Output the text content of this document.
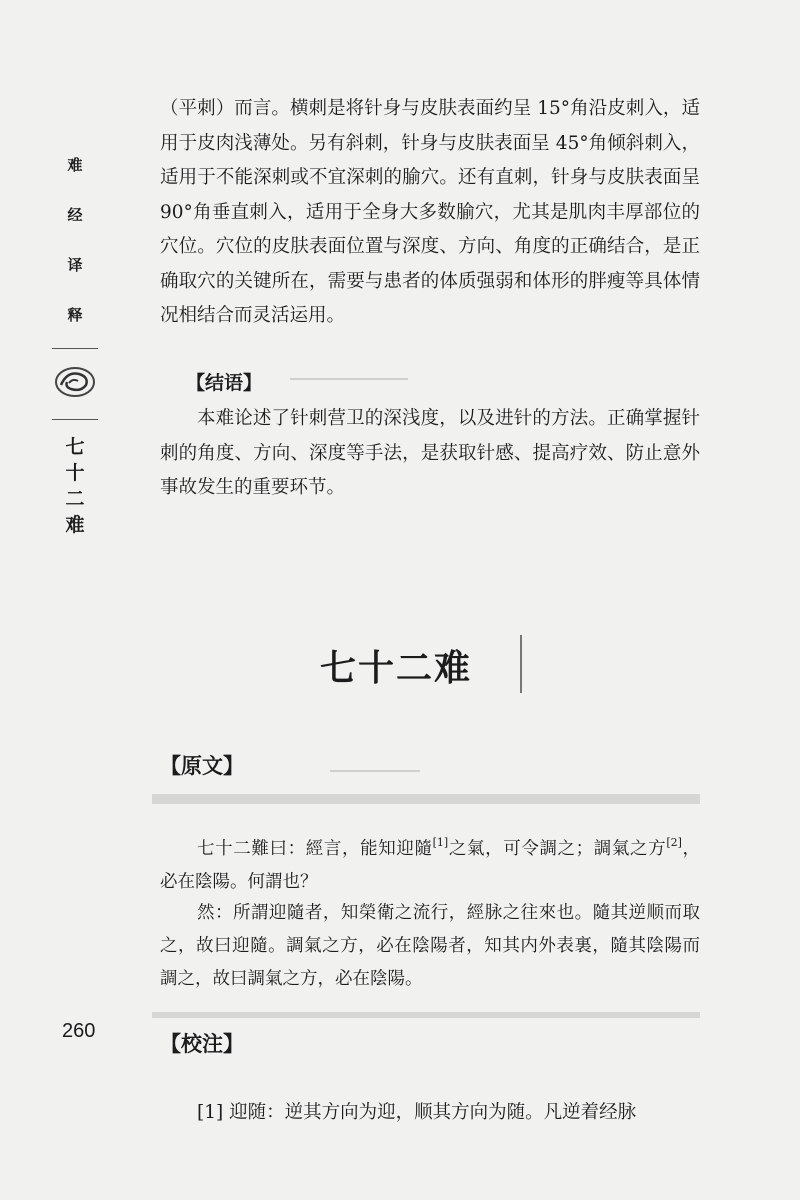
难
经
译
释
七
十
二
难
260

（平刺）而言。横刺是将针身与皮肤表面约呈 15°角沿皮刺入，适用于皮肉浅薄处。另有斜刺，针身与皮肤表面呈 45°角倾斜刺入，适用于不能深刺或不宜深刺的腧穴。还有直刺，针身与皮肤表面呈 90°角垂直刺入，适用于全身大多数腧穴，尤其是肌肉丰厚部位的穴位。穴位的皮肤表面位置与深度、方向、角度的正确结合，是正确取穴的关键所在，需要与患者的体质强弱和体形的胖瘦等具体情况相结合而灵活运用。

【结语】

本难论述了针刺营卫的深浅度，以及进针的方法。正确掌握针刺的角度、方向、深度等手法，是获取针感、提高疗效、防止意外事故发生的重要环节。

七十二难
【原文】

七十二難曰：經言，能知迎隨[1]之氣，可令調之；調氣之方[2]，必在陰陽。何謂也？

然：所謂迎隨者，知榮衛之流行，經脉之往來也。隨其逆顺而取之，故曰迎隨。調氣之方，必在陰陽者，知其内外表裏，隨其陰陽而調之，故曰調氣之方，必在陰陽。

【校注】

[1] 迎随：逆其方向为迎，顺其方向为随。凡逆着经脉
